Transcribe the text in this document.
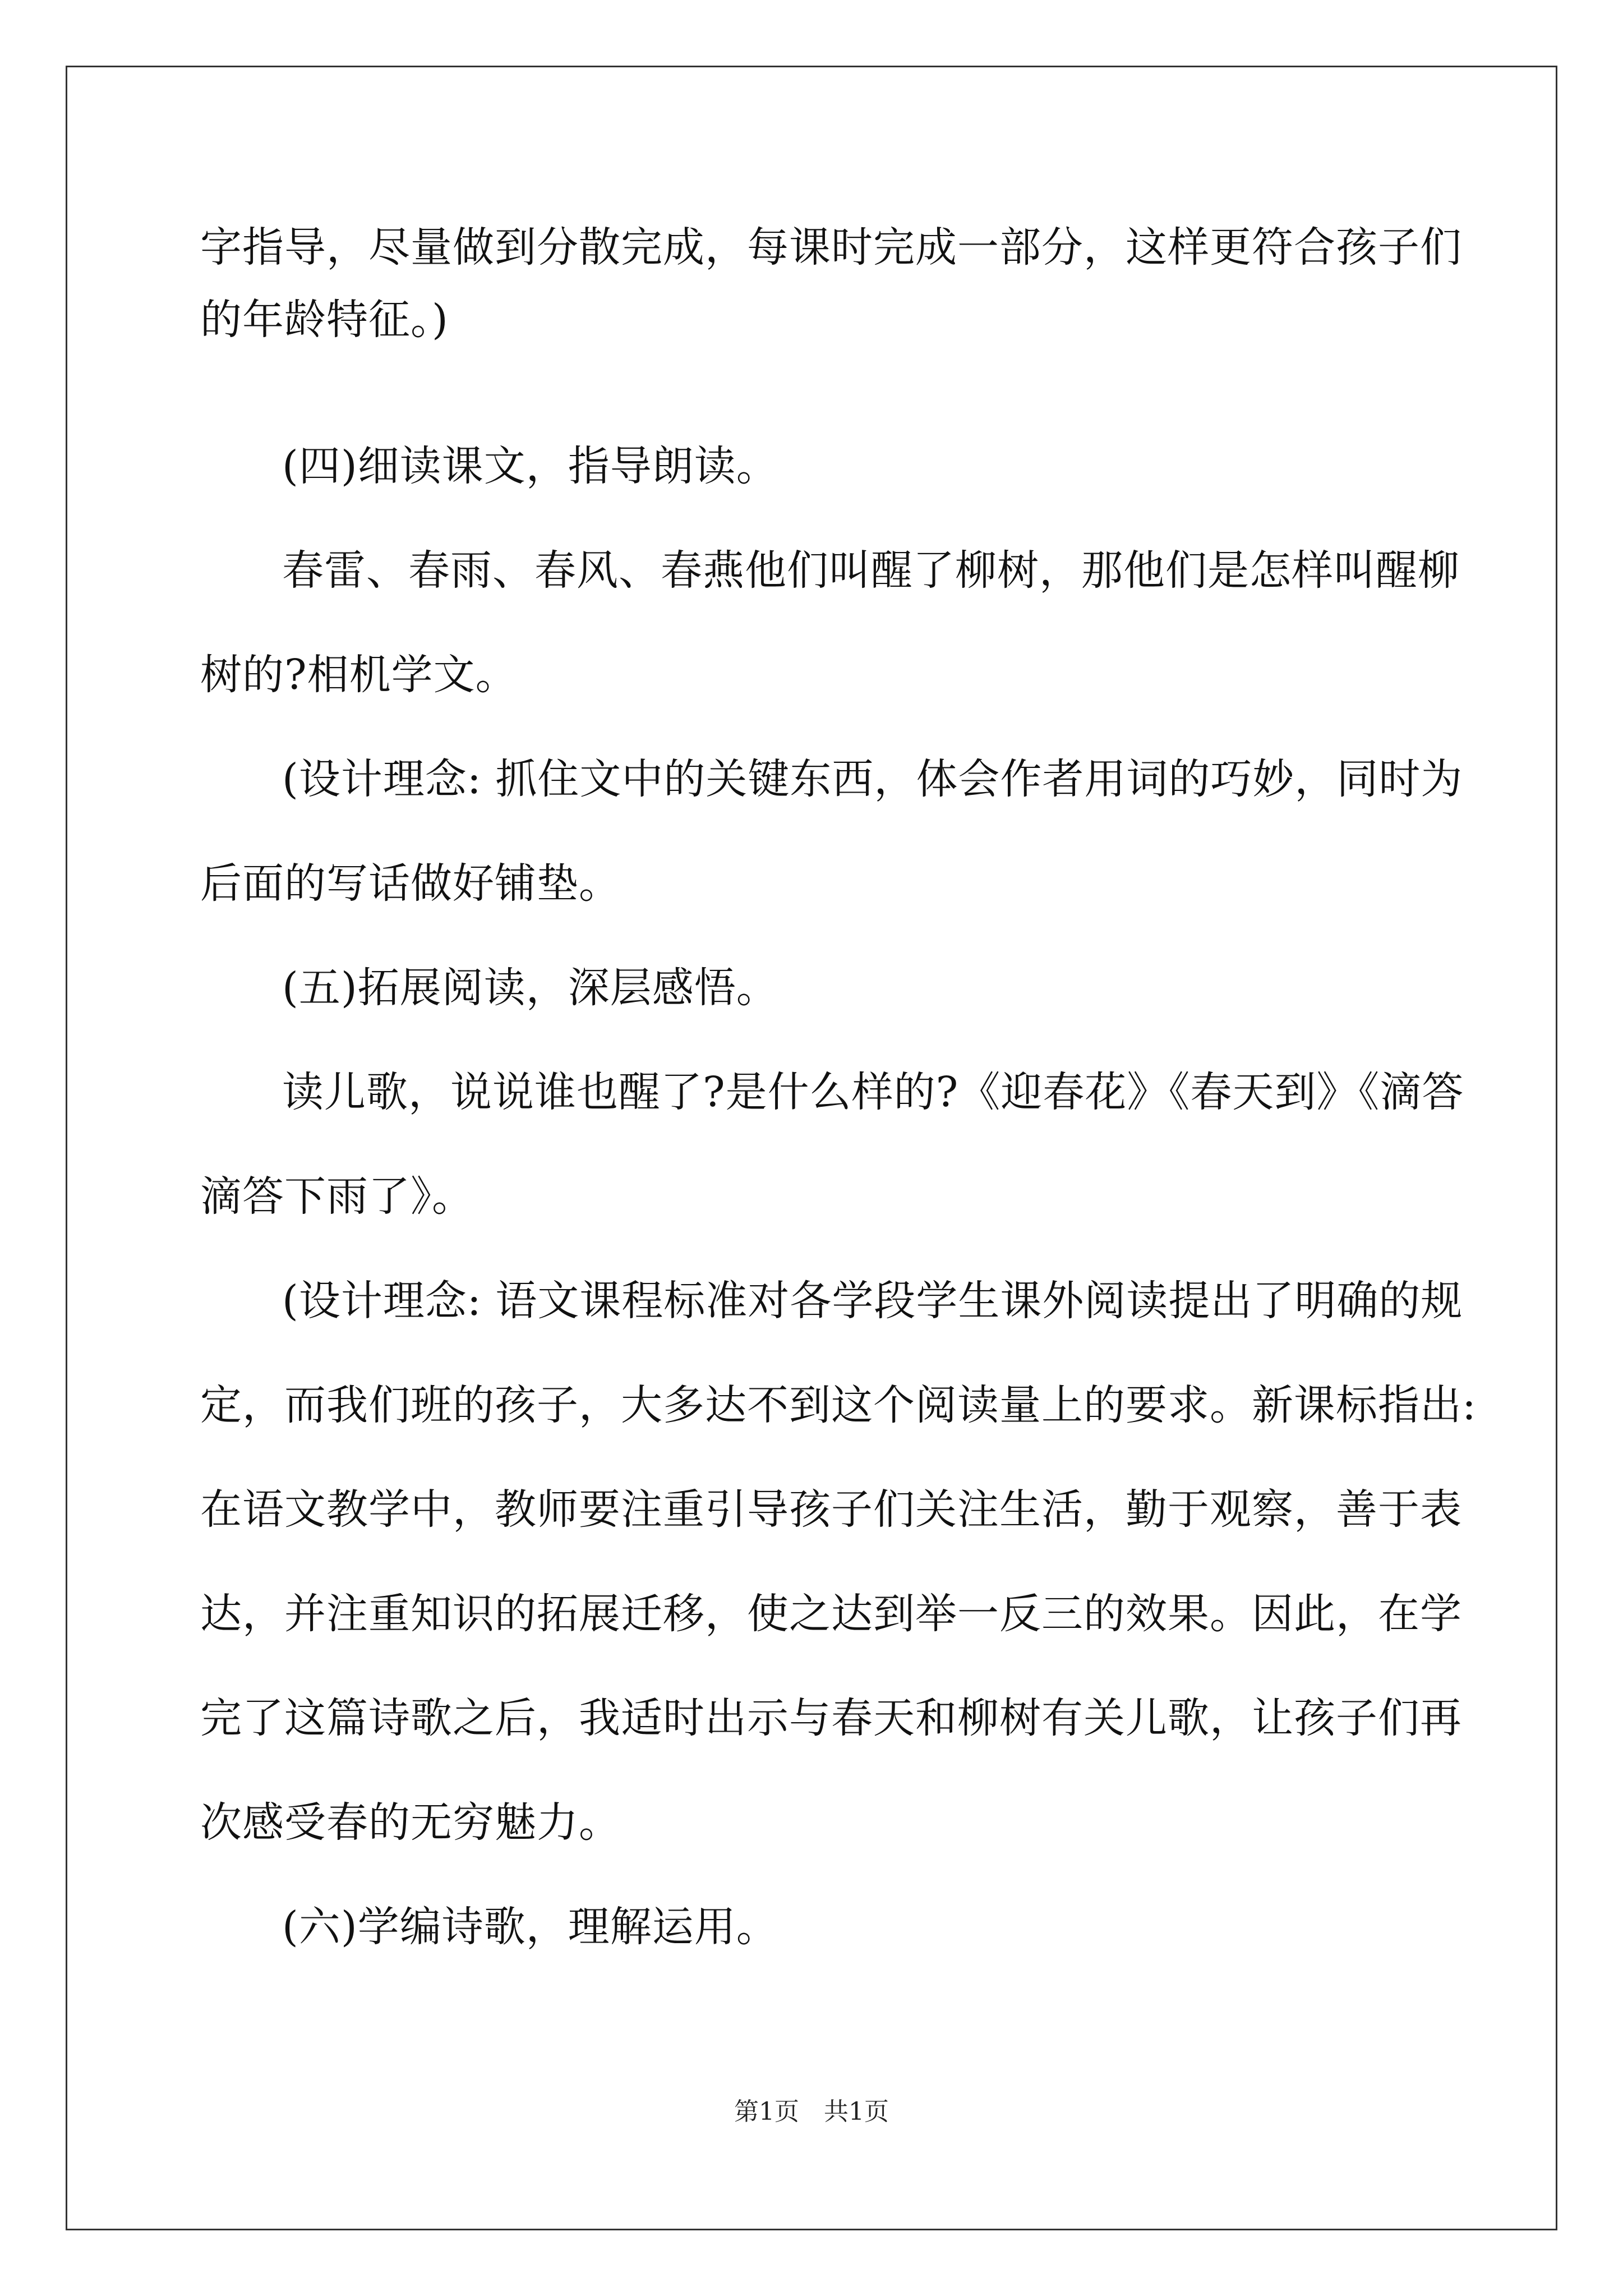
字指导，尽量做到分散完成，每课时完成一部分，这样更符合孩子们
的年龄特征。)
(四)细读课文，指导朗读。
春雷、春雨、春风、春燕他们叫醒了柳树，那他们是怎样叫醒柳
树的?相机学文。
(设计理念: 抓住文中的关键东西，体会作者用词的巧妙，同时为
后面的写话做好铺垫。
(五)拓展阅读，深层感悟。
读儿歌，说说谁也醒了?是什么样的?《迎春花》《春天到》《滴答
滴答下雨了》。
(设计理念: 语文课程标准对各学段学生课外阅读提出了明确的规
定，而我们班的孩子，大多达不到这个阅读量上的要求。新课标指出:
在语文教学中，教师要注重引导孩子们关注生活，勤于观察，善于表
达，并注重知识的拓展迁移，使之达到举一反三的效果。因此，在学
完了这篇诗歌之后，我适时出示与春天和柳树有关儿歌，让孩子们再
次感受春的无穷魅力。
(六)学编诗歌，理解运用。
第1页　共1页
